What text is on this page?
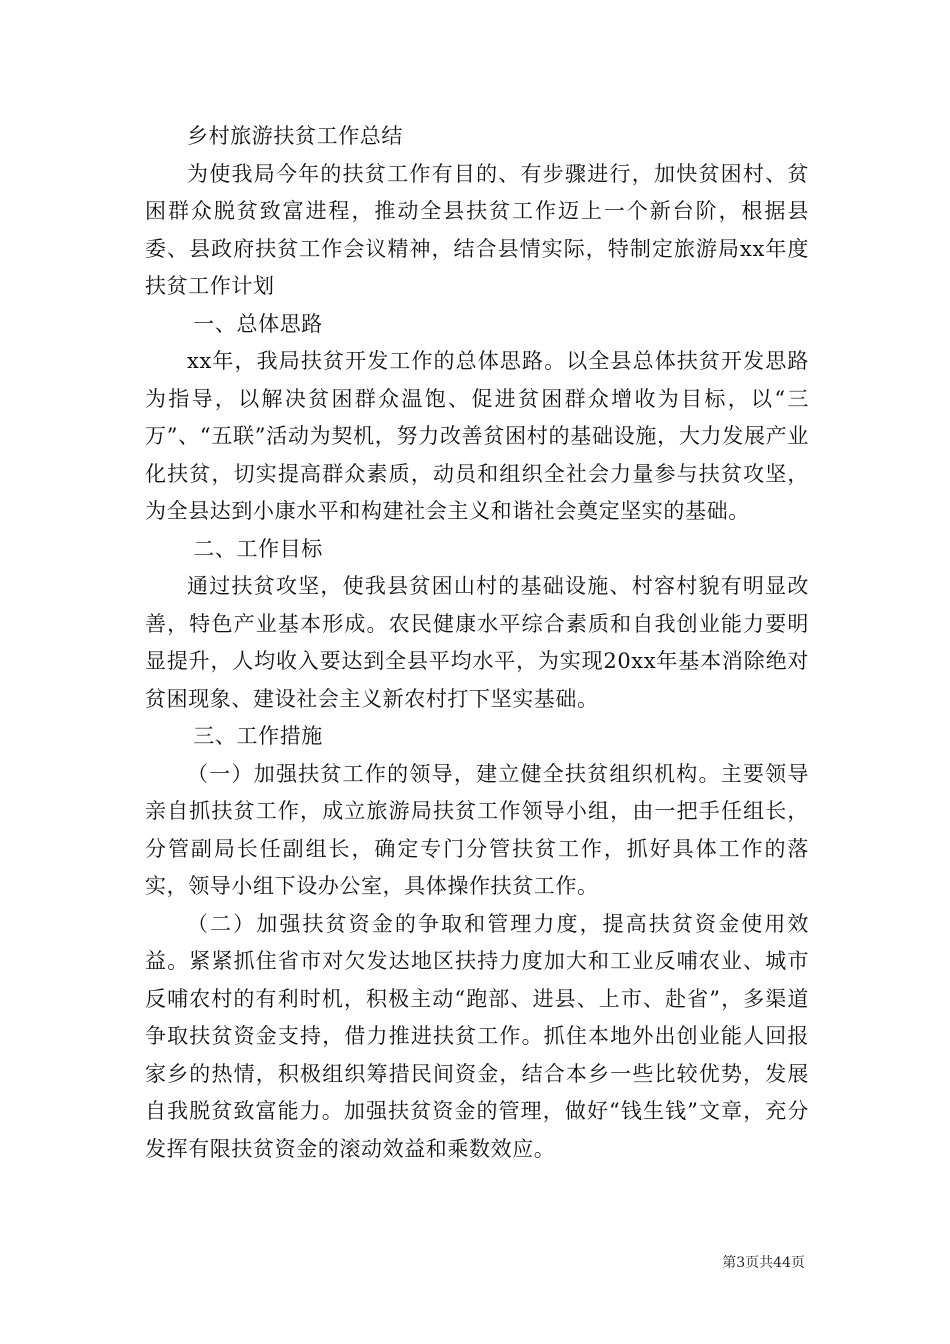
乡村旅游扶贫工作总结

为使我局今年的扶贫工作有目的、有步骤进行，加快贫困村、贫困群众脱贫致富进程，推动全县扶贫工作迈上一个新台阶，根据县委、县政府扶贫工作会议精神，结合县情实际，特制定旅游局xx年度扶贫工作计划

一、总体思路

xx年，我局扶贫开发工作的总体思路。以全县总体扶贫开发思路为指导，以解决贫困群众温饱、促进贫困群众增收为目标，以“三万”、“五联”活动为契机，努力改善贫困村的基础设施，大力发展产业化扶贫，切实提高群众素质，动员和组织全社会力量参与扶贫攻坚，为全县达到小康水平和构建社会主义和谐社会奠定坚实的基础。

二、工作目标

通过扶贫攻坚，使我县贫困山村的基础设施、村容村貌有明显改善，特色产业基本形成。农民健康水平综合素质和自我创业能力要明显提升，人均收入要达到全县平均水平，为实现20xx年基本消除绝对贫困现象、建设社会主义新农村打下坚实基础。

三、工作措施

（一）加强扶贫工作的领导，建立健全扶贫组织机构。主要领导亲自抓扶贫工作，成立旅游局扶贫工作领导小组，由一把手任组长，分管副局长任副组长，确定专门分管扶贫工作，抓好具体工作的落实，领导小组下设办公室，具体操作扶贫工作。

（二）加强扶贫资金的争取和管理力度，提高扶贫资金使用效益。紧紧抓住省市对欠发达地区扶持力度加大和工业反哺农业、城市反哺农村的有利时机，积极主动“跑部、进县、上市、赴省”，多渠道争取扶贫资金支持，借力推进扶贫工作。抓住本地外出创业能人回报家乡的热情，积极组织筹措民间资金，结合本乡一些比较优势，发展自我脱贫致富能力。加强扶贫资金的管理，做好“钱生钱”文章，充分发挥有限扶贫资金的滚动效益和乘数效应。

第3页共44页
